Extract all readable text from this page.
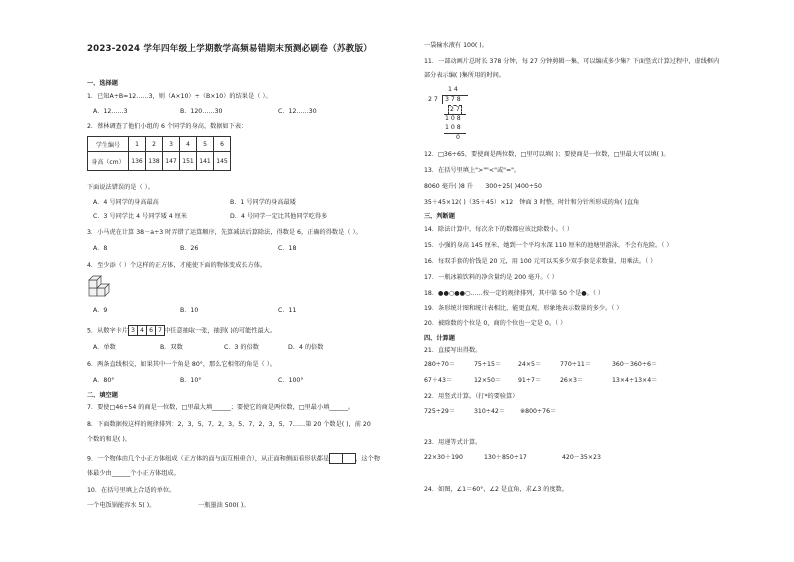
2023-2024 学年四年级上学期数学高频易错期末预测必刷卷（苏教版）
一、选择题
1．已知A÷B=12……3，则（A×10）÷（B×10）的结果是（ ）。
A．12……3	B．120……30	C．12……30
2．蔡林调查了他们小组的 6 个同学的身高，数据如下表：
学生编号	1	2	3	4	5	6
身高（cm）	136	138	147	151	141	145
下面说法错误的是（ ）。
A．4 号同学的身高最高	B．1 号同学的身高最矮
C．3 号同学比 4 号同学矮 4 厘米	D．4 号同学一定比其他同学吃得多
3．小马虎在计算 38－a÷3 时弄错了运算顺序，先算减法后算除法，得数是 6，正确的得数是（ ）。
A．8	B．26	C．18
4．至少添（ ）个这样的正方体，才能使下面的物体变成长方体。
A．9	B．10	C．11
5．从数字卡片 3 4 6 7 中任意抽取一张，抽到( )的可能性最大。
A．单数	B．双数	C．3 的倍数	D．4 的倍数
6．两条直线相交，如果其中一个角是 80°，那么它相邻的角是（ ）。
A．80°	B．10°	C．100°
二、填空题
7．要使□46÷54 的商是一位数，□里最大填______；要使它的商是两位数，□里最小填______。
8．下面数据按这样的规律排列：2，3，5，7，2，3，5，7，2，3，5，7……第 20 个数是( )，前 20
个数的和是( )。
9．一个物体由几个小正方体组成（正方体的面与面互相重合），从正面和侧面看形状都是	，这个物
体最少由______个小正方体组成。
10．在括号里填上合适的单位。
一个电饭锅能容水 5( )。	一瓶墨油 500( )。
一袋输水液有 100( )。
11．一部动画片总时长 378 分钟，每 27 分钟剪辑一集，可以编成多少集？下面竖式计算过程中，虚线框内
部分表示编( )集所用的时间。
1 4
2 7 3 7 8
2 7
1 0 8
1 0 8
0
12．□36÷65，要使商是两位数，□里可以填( )；要使商是一位数，□里最大可以填( )。
13．在括号里填上">""<"或"="。
8060 毫升( )8 升　　300÷25( )400÷50
35＋45×12( )（35＋45）×12　钟面 3 时整，时针和分针所形成的角( )直角
三、判断题
14．除法计算中，每次余下的数都应该比除数小。（ ）
15．小强的身高 145 厘米，她到一个平均水深 110 厘米的池塘里游泳，不会有危险。（ ）
16．每双手套的价钱是 20 元，用 100 元可以买多少双手套是求数量，用乘法。（ ）
17．一瓶冰箱饮料的净含量约是 200 毫升。（ ）
18．●●○●●○……按一定的规律排列，其中第 50 个是●。（ ）
19．条形统计图和统计表相比，能更直观、形象地表示数量的多少。（ ）
20．被除数的个位是 0，商的个位也一定是 0。（ ）
四、计算题
21．直接写出得数。
280÷70＝	75÷15＝	24×5＝	770÷11＝	360－360÷6＝
67＋43＝	12×50＝	91÷7＝	26×3＝	13×4÷13×4＝
22．用竖式计算。（打*的要验算）
725÷29＝	310÷42＝ ※800÷76＝
23．用递等式计算。
22×30＋190	130＋850÷17	420－35×23
24．如图，∠1＝60°，∠2 是直角，求∠3 的度数。
